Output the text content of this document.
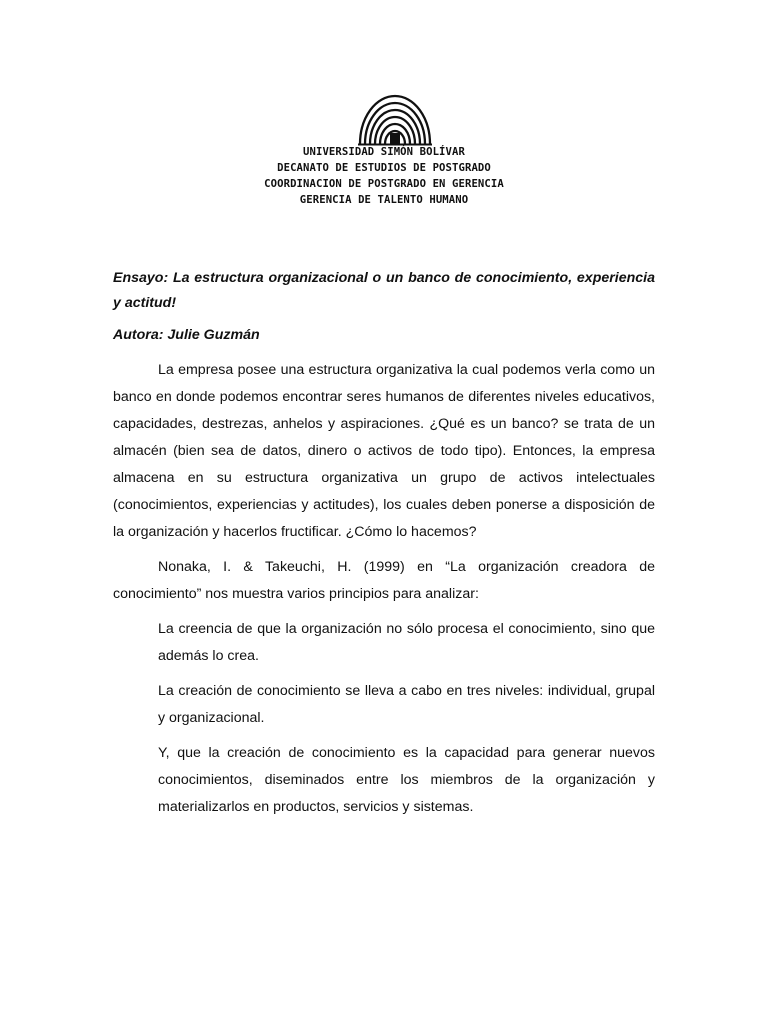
UNIVERSIDAD SIMÓN BOLÍVAR
DECANATO DE ESTUDIOS DE POSTGRADO
COORDINACION DE POSTGRADO EN GERENCIA
GERENCIA DE TALENTO HUMANO

Ensayo: La estructura organizacional o un banco de conocimiento, experiencia y actitud!

Autora: Julie Guzmán

La empresa posee una estructura organizativa la cual podemos verla como un banco en donde podemos encontrar seres humanos de diferentes niveles educativos, capacidades, destrezas, anhelos y aspiraciones. ¿Qué es un banco? se trata de un almacén (bien sea de datos, dinero o activos de todo tipo). Entonces, la empresa almacena en su estructura organizativa un grupo de activos intelectuales (conocimientos, experiencias y actitudes), los cuales deben ponerse a disposición de la organización y hacerlos fructificar. ¿Cómo lo hacemos?

Nonaka, I. & Takeuchi, H. (1999) en “La organización creadora de conocimiento” nos muestra varios principios para analizar:

La creencia de que la organización no sólo procesa el conocimiento, sino que además lo crea.

La creación de conocimiento se lleva a cabo en tres niveles: individual, grupal y organizacional.

Y, que la creación de conocimiento es la capacidad para generar nuevos conocimientos, diseminados entre los miembros de la organización y materializarlos en productos, servicios y sistemas.
